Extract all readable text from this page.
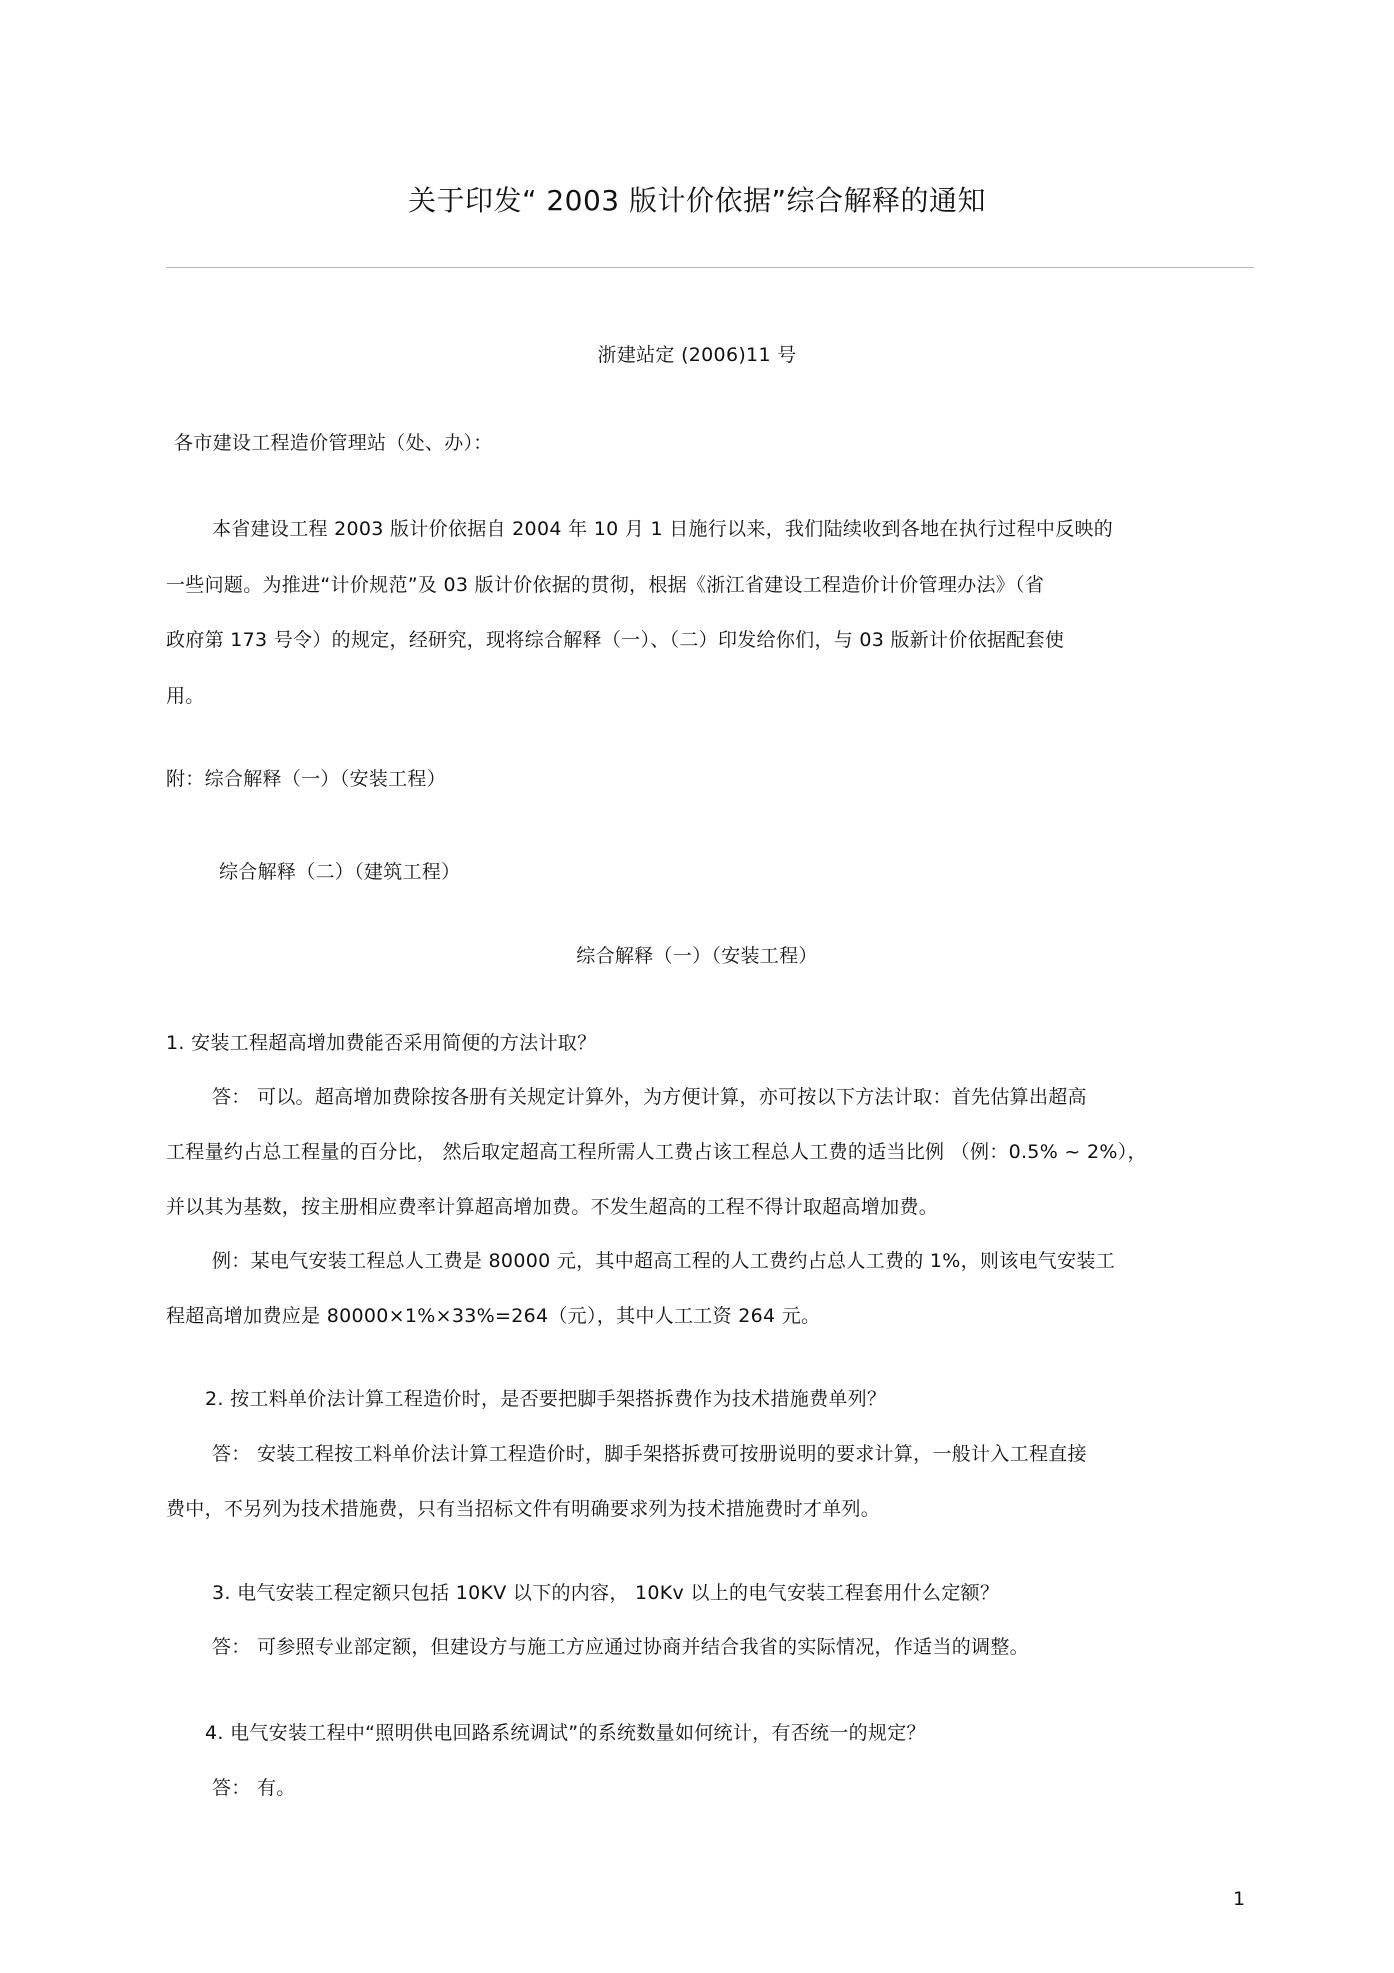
关于印发“ 2003 版计价依据”综合解释的通知
浙建站定 (2006)11 号
各市建设工程造价管理站（处、办）：
本省建设工程 2003 版计价依据自 2004 年 10 月 1 日施行以来，我们陆续收到各地在执行过程中反映的
一些问题。为推进“计价规范”及 03 版计价依据的贯彻，根据《浙江省建设工程造价计价管理办法》（省
政府第 173 号令）的规定，经研究，现将综合解释（一）、（二）印发给你们，与 03 版新计价依据配套使
用。
附：综合解释（一）（安装工程）
综合解释（二）（建筑工程）
综合解释（一）（安装工程）
1. 安装工程超高增加费能否采用简便的方法计取？
答： 可以。超高增加费除按各册有关规定计算外，为方便计算，亦可按以下方法计取：首先估算出超高
工程量约占总工程量的百分比， 然后取定超高工程所需人工费占该工程总人工费的适当比例 （例：0.5% ~ 2%），
并以其为基数，按主册相应费率计算超高增加费。不发生超高的工程不得计取超高增加费。
例：某电气安装工程总人工费是 80000 元，其中超高工程的人工费约占总人工费的 1%，则该电气安装工
程超高增加费应是 80000×1%×33%=264（元），其中人工工资 264 元。
2. 按工料单价法计算工程造价时，是否要把脚手架搭拆费作为技术措施费单列？
答： 安装工程按工料单价法计算工程造价时，脚手架搭拆费可按册说明的要求计算，一般计入工程直接
费中，不另列为技术措施费，只有当招标文件有明确要求列为技术措施费时才单列。
3. 电气安装工程定额只包括 10KV 以下的内容， 10Kv 以上的电气安装工程套用什么定额？
答： 可参照专业部定额，但建设方与施工方应通过协商并结合我省的实际情况，作适当的调整。
4. 电气安装工程中“照明供电回路系统调试”的系统数量如何统计，有否统一的规定？
答： 有。
1
